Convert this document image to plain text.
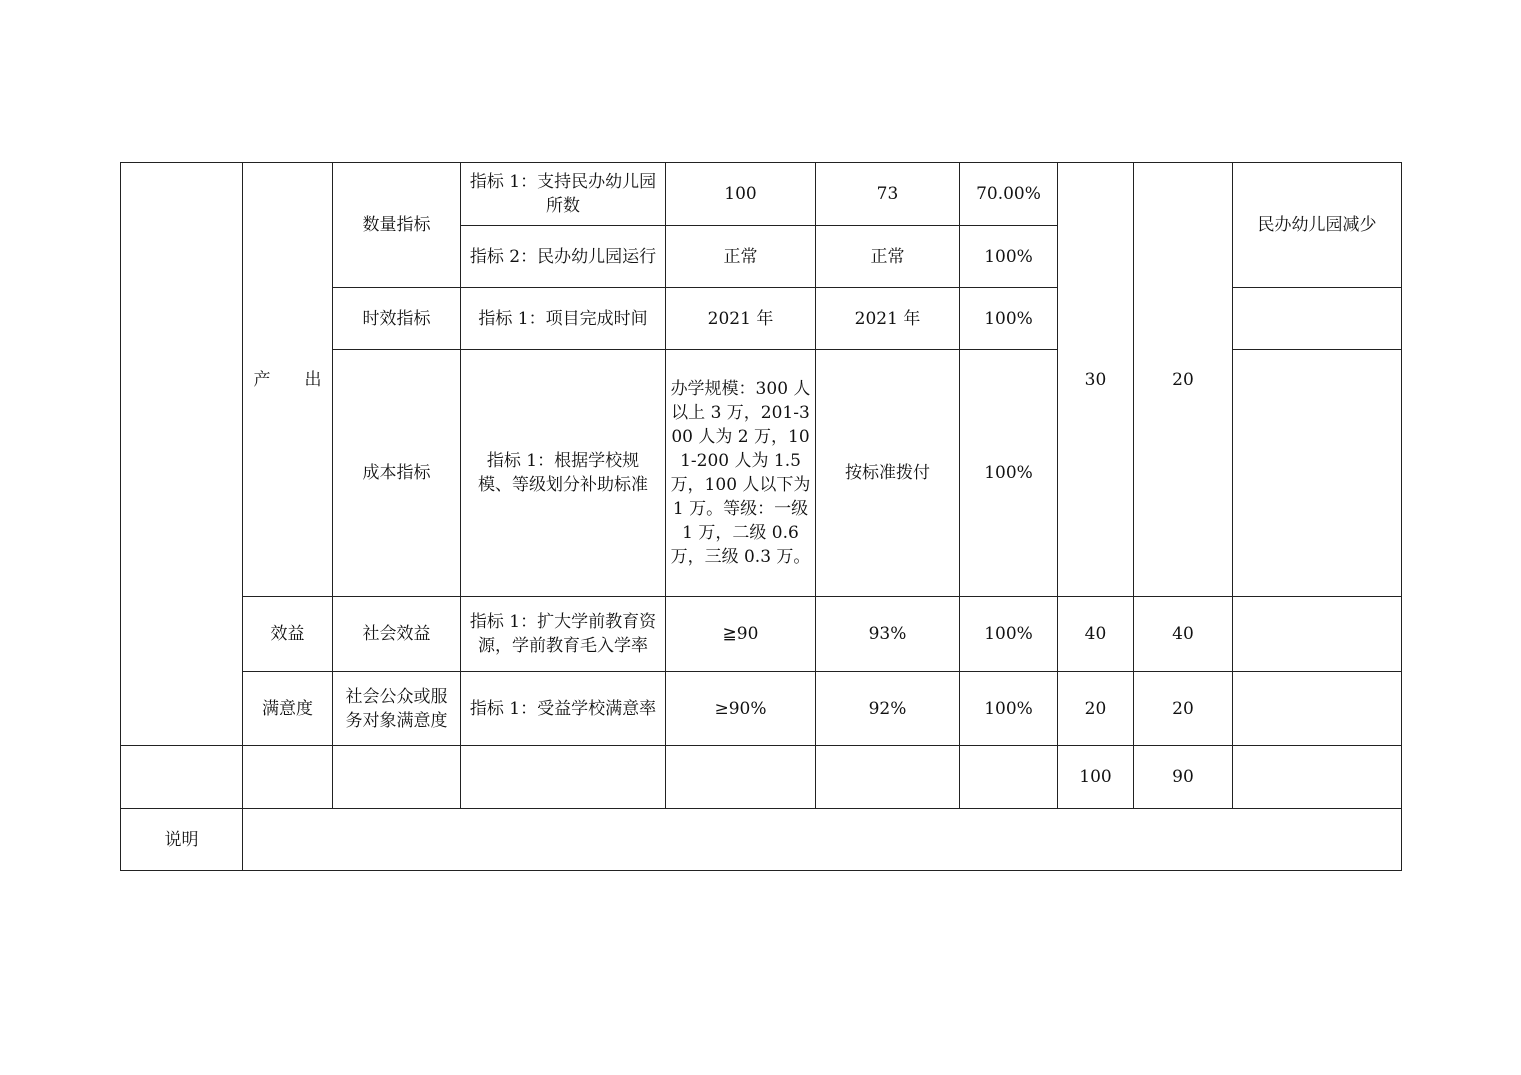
	产　　出	数量指标	指标 1：支持民办幼儿园所数	100	73	70.00%	30	20	民办幼儿园减少
			指标 2：民办幼儿园运行	正常	正常	100%			
		时效指标	指标 1：项目完成时间	2021 年	2021 年	100%			
		成本指标	指标 1：根据学校规模、等级划分补助标准	办学规模：300 人以上 3 万，201-300 人为 2 万，101-200 人为 1.5 万，100 人以下为 1 万。等级：一级 1 万，二级 0.6 万，三级 0.3 万。	按标准拨付	100%			
	效益	社会效益	指标 1：扩大学前教育资源，学前教育毛入学率	≧90	93%	100%	40	40	
	满意度	社会公众或服务对象满意度	指标 1：受益学校满意率	≥90%	92%	100%	20	20	
							100	90	
说明									
